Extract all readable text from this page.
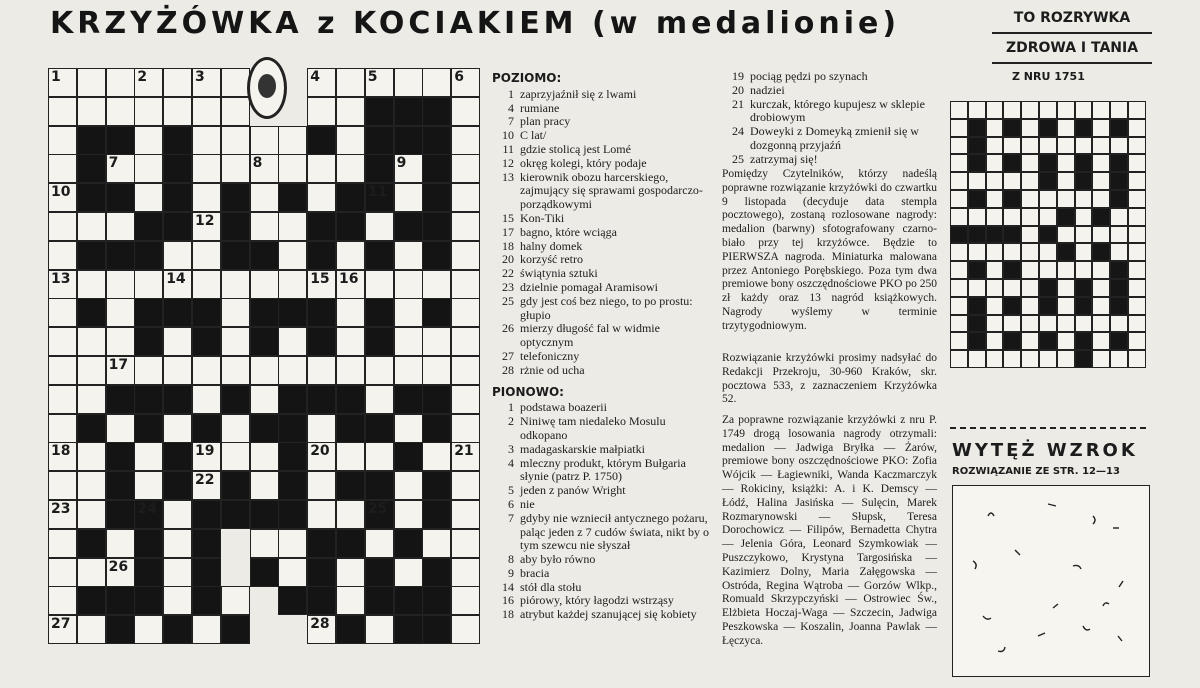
KRZYŻÓWKA z KOCIAKIEM (w medalionie)	TO ROZRYWKA
ZDROWA I TANIA
1	2	3	4	5	6
7	8	9
10	11
12
13	14	15 16
17
18	19	20	21
22
23	24	25
26
27	28
POZIOMO:
1 zaprzyjaźnił się z lwami
4 rumiane
7 plan pracy
10 C lat/
11 gdzie stolicą jest Lomé
12 okręg kolegi, który podaje
13 kierownik obozu harcerskiego, zajmujący się sprawami gospodarczo-porządkowymi
15 Kon-Tiki
17 bagno, które wciąga
18 halny domek
20 korzyść retro
22 świątynia sztuki
23 dzielnie pomagał Aramisowi
25 gdy jest coś bez niego, to po prostu: głupio
26 mierzy długość fal w widmie optycznym
27 telefoniczny
28 rżnie od ucha
PIONOWO:
1 podstawa boazerii
2 Niniwę tam niedaleko Mosulu odkopano
3 madagaskarskie małpiatki
4 mleczny produkt, którym Bułgaria słynie (patrz P. 1750)
5 jeden z panów Wright
6 nie
7 gdyby nie wzniecił antycznego pożaru, paląc jeden z 7 cudów świata, nikt by o tym szewcu nie słyszał
8 aby było równo
9 bracia
14 stół dla stołu
16 piórowy, który łagodzi wstrząsy
18 atrybut każdej szanującej się kobiety
19 pociąg pędzi po szynach
20 nadziei
21 kurczak, którego kupujesz w sklepie drobiowym
24 Doweyki z Domeyką zmienił się w dozgonną przyjaźń
25 zatrzymaj się!
Pomiędzy Czytelników, którzy nadeślą poprawne rozwiązanie krzyżówki do czwartku 9 listopada (decyduje data stempla pocztowego), zostaną rozlosowane nagrody: medalion (barwny) sfotografowany czarno-biało przy tej krzyżówce. Będzie to PIERWSZA nagroda. Miniaturka malowana przez Antoniego Porębskiego. Poza tym dwa premiowe bony oszczędnościowe PKO po 250 zł każdy oraz 13 nagród książkowych. Nagrody wyślemy w terminie trzytygodniowym.
Rozwiązanie krzyżówki prosimy nadsyłać do Redakcji Przekroju, 30-960 Kraków, skr. pocztowa 533, z zaznaczeniem Krzyżówka 52.
Za poprawne rozwiązanie krzyżówki z nru P. 1749 drogą losowania nagrody otrzymali: medalion — Jadwiga Bryłka — Żarów, premiowe bony oszczędnościowe PKO: Zofia Wójcik — Łagiewniki, Wanda Kaczmarczyk — Rokiciny, książki: A. i K. Demscy — Łódź, Halina Jasińska — Sulęcin, Marek Rozmarynowski — Słupsk, Teresa Dorochowicz — Filipów, Bernadetta Chytra — Jelenia Góra, Leonard Szymkowiak — Puszczykowo, Krystyna Targosińska — Kazimierz Dolny, Maria Załęgowska — Ostróda, Regina Wątroba — Gorzów Wlkp., Romuald Skrzypczyński — Ostrowiec Św., Elżbieta Hoczaj-Waga — Szczecin, Jadwiga Peszkowska — Koszalin, Joanna Pawlak — Łęczyca.
Z NRU 1751
WYTĘŻ WZROK
ROZWIĄZANIE ZE STR. 12—13
